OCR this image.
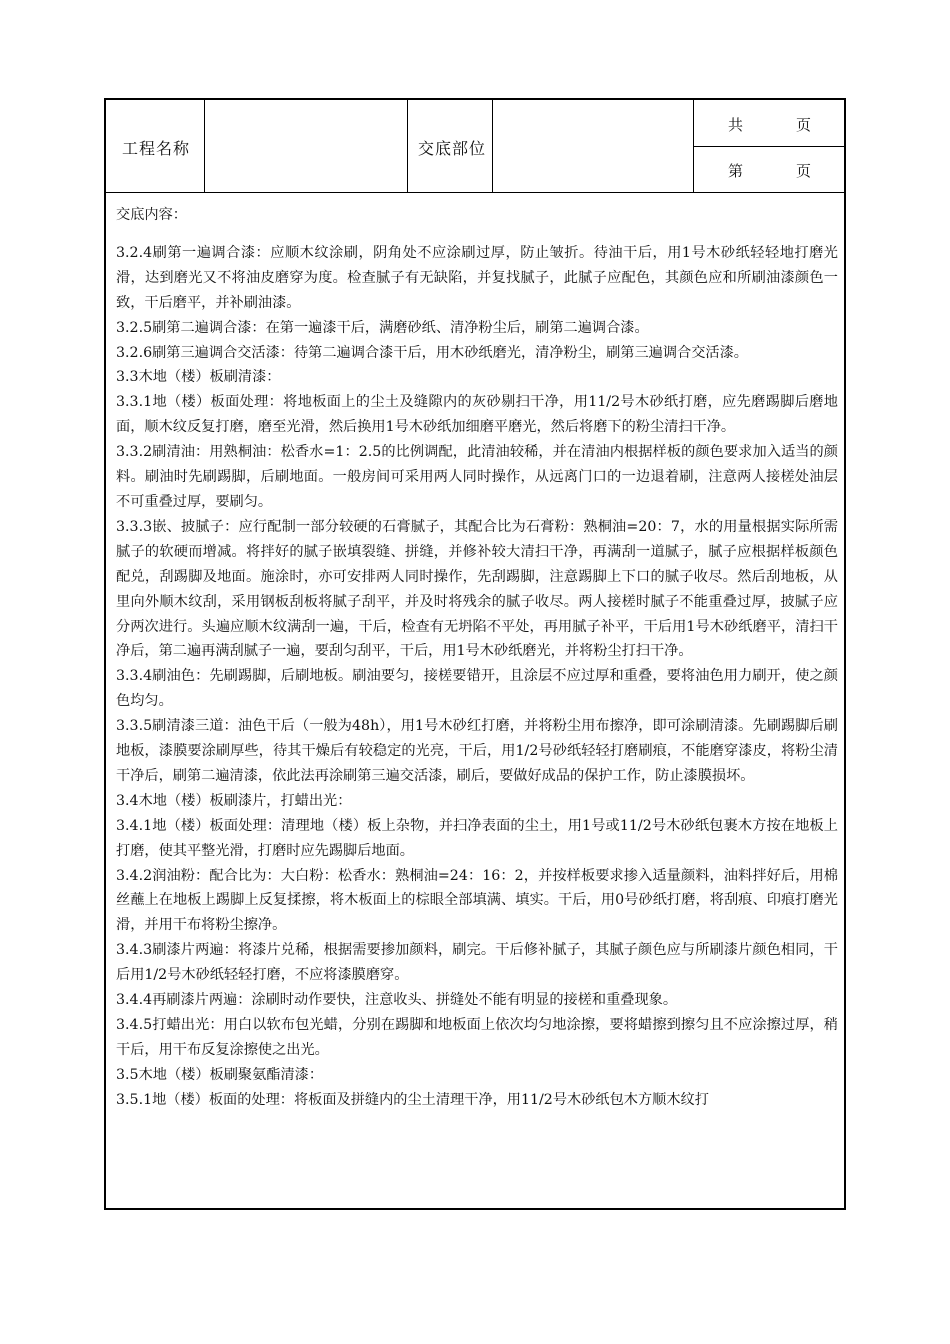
工程名称	交底部位
共	页
第	页

交底内容：

3.2.4刷第一遍调合漆：应顺木纹涂刷，阴角处不应涂刷过厚，防止皱折。待油干后，用1号木砂纸轻轻地打磨光滑，达到磨光又不将油皮磨穿为度。检查腻子有无缺陷，并复找腻子，此腻子应配色，其颜色应和所刷油漆颜色一致，干后磨平，并补刷油漆。

3.2.5刷第二遍调合漆：在第一遍漆干后，满磨砂纸、清净粉尘后，刷第二遍调合漆。

3.2.6刷第三遍调合交活漆：待第二遍调合漆干后，用木砂纸磨光，清净粉尘，刷第三遍调合交活漆。

3.3木地（楼）板刷清漆：

3.3.1地（楼）板面处理：将地板面上的尘土及缝隙内的灰砂剔扫干净，用11/2号木砂纸打磨，应先磨踢脚后磨地面，顺木纹反复打磨，磨至光滑，然后换用1号木砂纸加细磨平磨光，然后将磨下的粉尘清扫干净。

3.3.2刷清油：用熟桐油：松香水=1：2.5的比例调配，此清油较稀，并在清油内根据样板的颜色要求加入适当的颜料。刷油时先刷踢脚，后刷地面。一般房间可采用两人同时操作，从远离门口的一边退着刷，注意两人接槎处油层不可重叠过厚，要刷匀。

3.3.3嵌、披腻子：应行配制一部分较硬的石膏腻子，其配合比为石膏粉：熟桐油=20：7，水的用量根据实际所需腻子的软硬而增减。将拌好的腻子嵌填裂缝、拼缝，并修补较大清扫干净，再满刮一道腻子，腻子应根据样板颜色配兑，刮踢脚及地面。施涂时，亦可安排两人同时操作，先刮踢脚，注意踢脚上下口的腻子收尽。然后刮地板，从里向外顺木纹刮，采用钢板刮板将腻子刮平，并及时将残余的腻子收尽。两人接槎时腻子不能重叠过厚，披腻子应分两次进行。头遍应顺木纹满刮一遍，干后，检查有无坍陷不平处，再用腻子补平，干后用1号木砂纸磨平，清扫干净后，第二遍再满刮腻子一遍，要刮匀刮平，干后，用1号木砂纸磨光，并将粉尘打扫干净。

3.3.4刷油色：先刷踢脚，后刷地板。刷油要匀，接槎要错开，且涂层不应过厚和重叠，要将油色用力刷开，使之颜色均匀。

3.3.5刷清漆三道：油色干后（一般为48h），用1号木砂红打磨，并将粉尘用布擦净，即可涂刷清漆。先刷踢脚后刷地板，漆膜要涂刷厚些，待其干燥后有较稳定的光亮，干后，用1/2号砂纸轻轻打磨刷痕，不能磨穿漆皮，将粉尘清干净后，刷第二遍清漆，依此法再涂刷第三遍交活漆，刷后，要做好成品的保护工作，防止漆膜损坏。

3.4木地（楼）板刷漆片，打蜡出光：

3.4.1地（楼）板面处理：清理地（楼）板上杂物，并扫净表面的尘土，用1号或11/2号木砂纸包裹木方按在地板上打磨，使其平整光滑，打磨时应先踢脚后地面。

3.4.2润油粉：配合比为：大白粉：松香水：熟桐油=24：16：2，并按样板要求掺入适量颜料，油料拌好后，用棉丝蘸上在地板上踢脚上反复揉擦，将木板面上的棕眼全部填满、填实。干后，用0号砂纸打磨，将刮痕、印痕打磨光滑，并用干布将粉尘擦净。

3.4.3刷漆片两遍：将漆片兑稀，根据需要掺加颜料，刷完。干后修补腻子，其腻子颜色应与所刷漆片颜色相同，干后用1/2号木砂纸轻轻打磨，不应将漆膜磨穿。

3.4.4再刷漆片两遍：涂刷时动作要快，注意收头、拼缝处不能有明显的接槎和重叠现象。

3.4.5打蜡出光：用白以软布包光蜡，分别在踢脚和地板面上依次均匀地涂擦，要将蜡擦到擦匀且不应涂擦过厚，稍干后，用干布反复涂擦使之出光。

3.5木地（楼）板刷聚氨酯清漆：

3.5.1地（楼）板面的处理：将板面及拼缝内的尘土清理干净，用11/2号木砂纸包木方顺木纹打
